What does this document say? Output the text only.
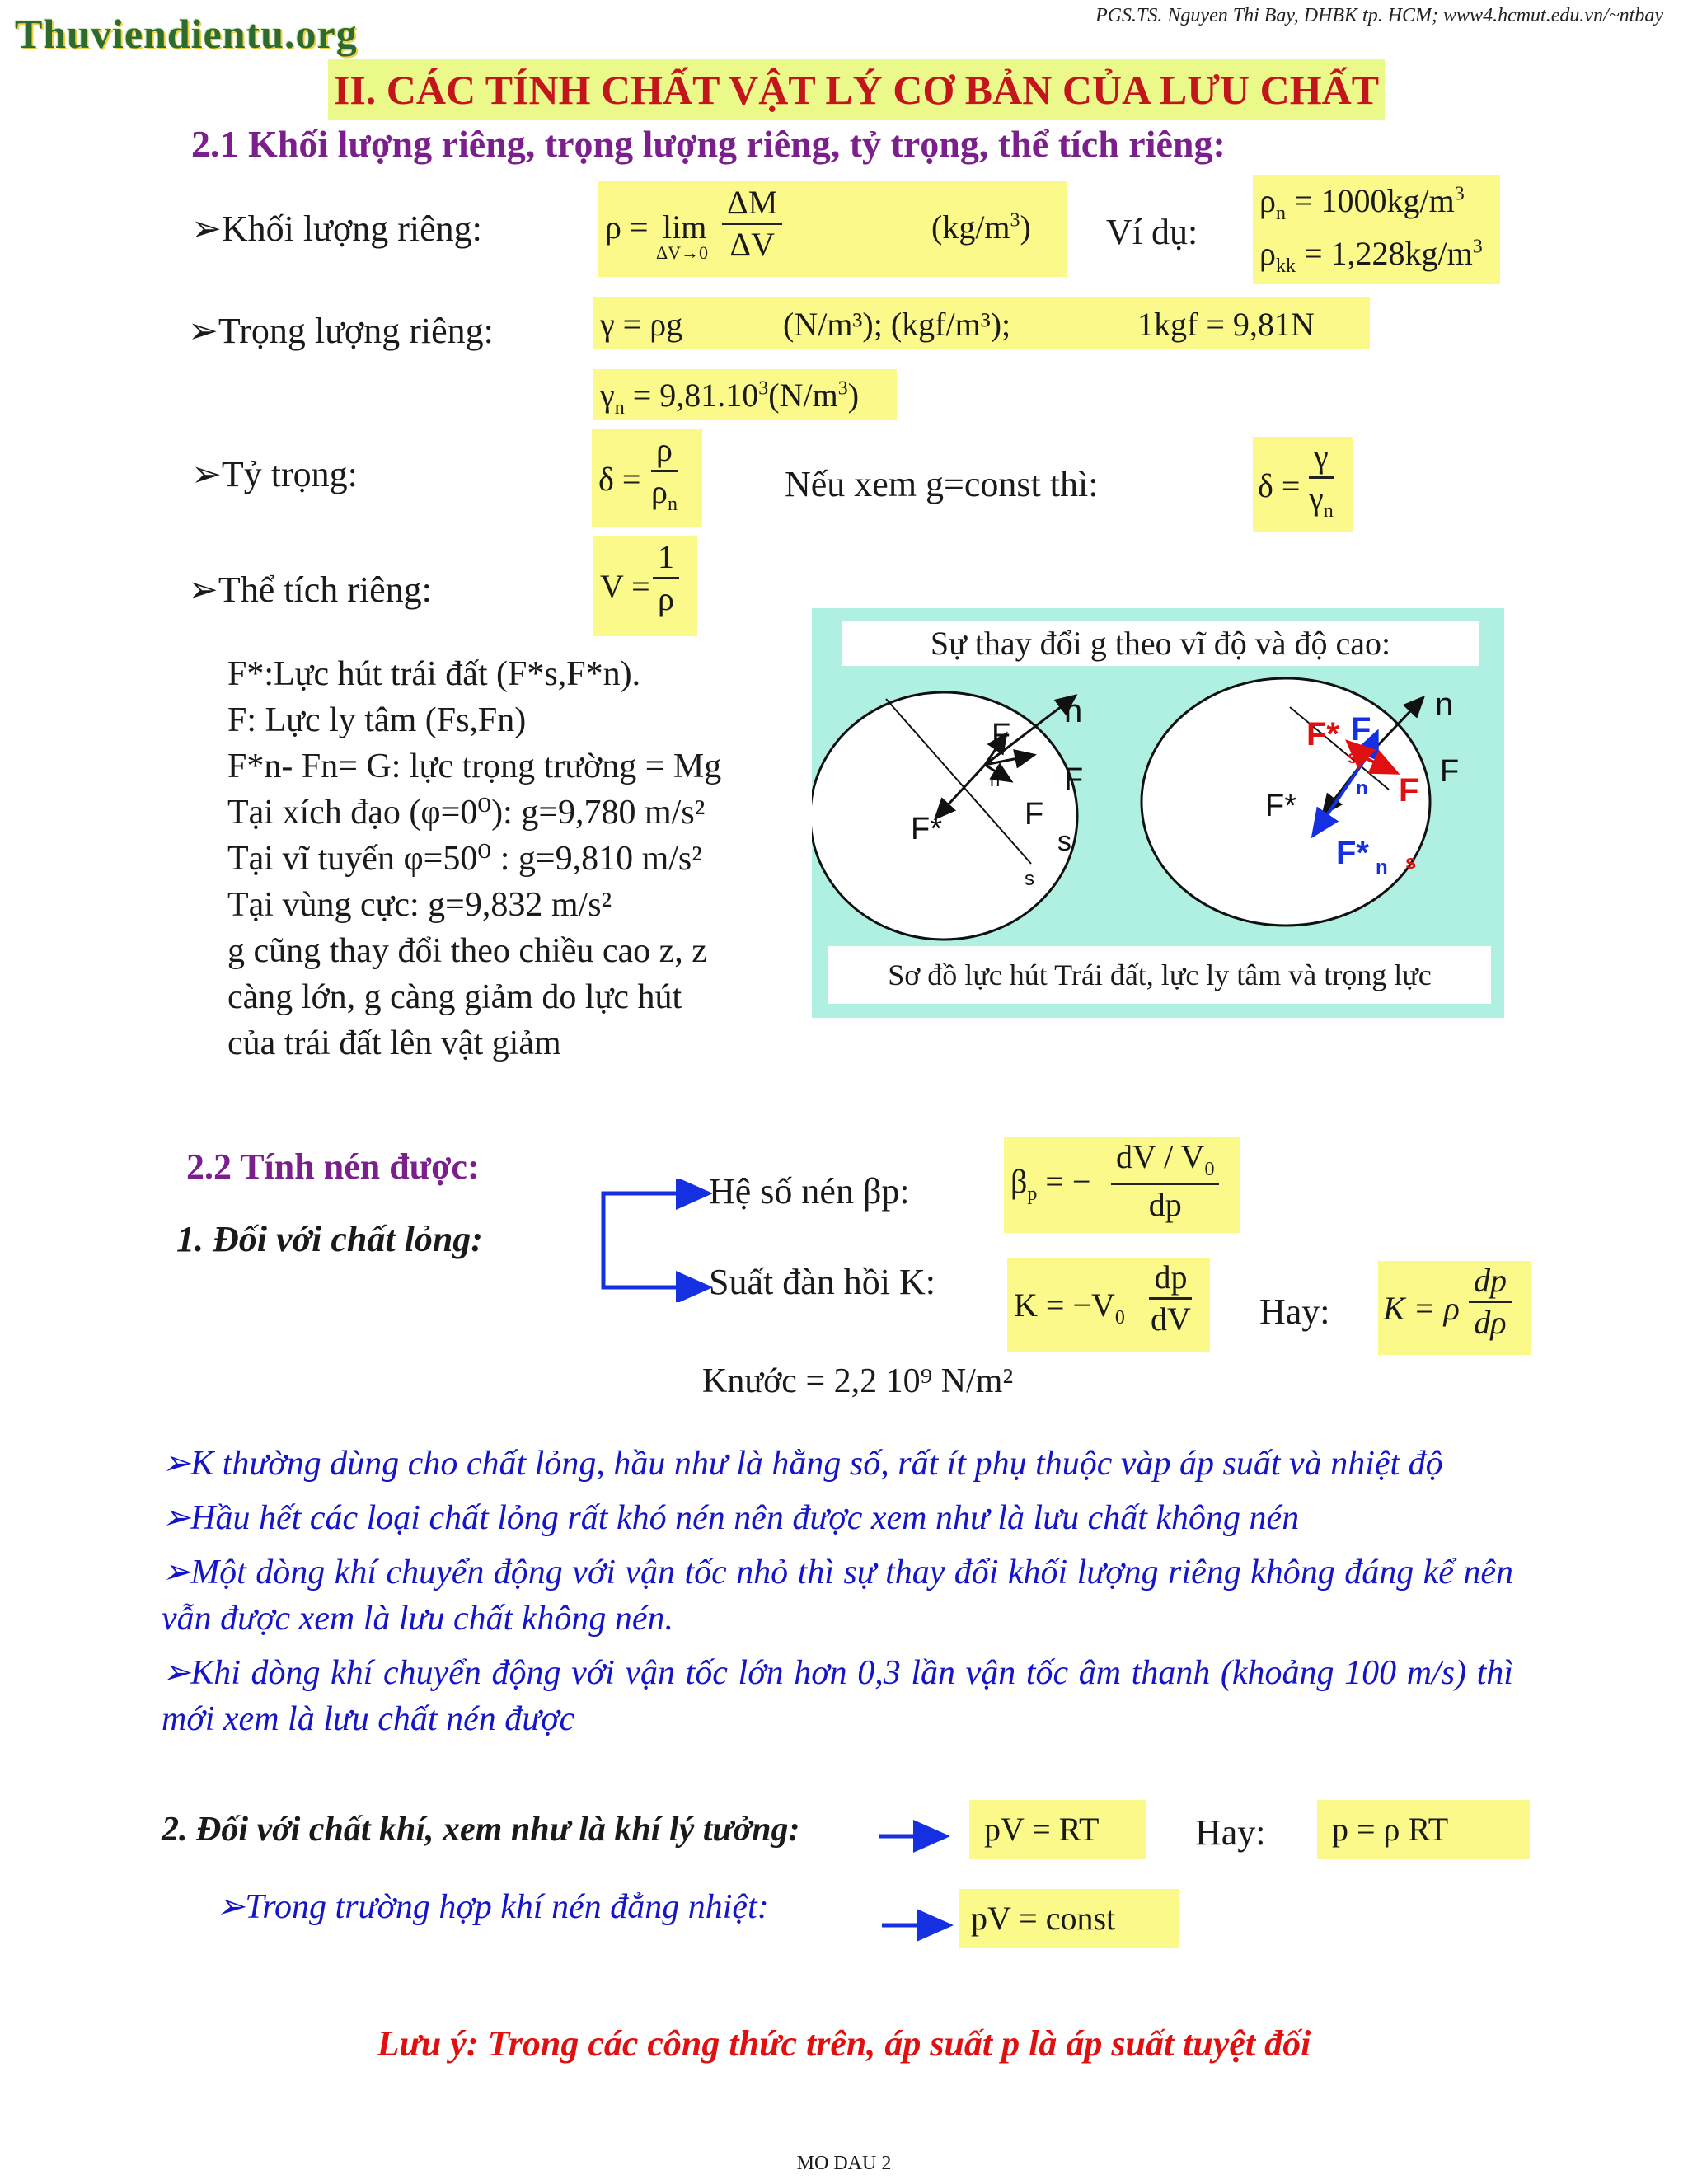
Thuviendientu.org	PGS.TS. Nguyen Thi Bay, DHBK tp. HCM; www4.hcmut.edu.vn/~ntbay
II. CÁC TÍNH CHẤT VẬT LÝ CƠ BẢN CỦA LƯU CHẤT
2.1 Khối lượng riêng, trọng lượng riêng, tỷ trọng, thể tích riêng:
➢Khối lượng riêng:	ρ = lim
$\Delta V\to 0 \frac{\Delta M}{\Delta V}$	$(kg/m^3)$ Ví dụ:
$\rho_n = 1000kg/m^3$
$\rho_{kk} = 1,228kg/m^3$
➢Trọng lượng riêng:	γ = ρg	(N/m³); (kgf/m³);	1kgf = 9,81N
$\gamma_n = 9,81.10^3(N/m^3)$
➢Tỷ trọng:	$\delta = \frac{\rho}{\rho_n}$	Nếu xem g=const thì:	$\delta = \frac{\gamma}{\gamma_n}$
➢Thể tích riêng:	$V = \frac{1}{\rho}$
F*:Lực hút trái đất (F*s,F*n).
F: Lực ly tâm (Fs,Fn)
F*n- Fn= G: lực trọng trường = Mg
Tại xích đạo (φ=0⁰): g=9,780 m/s²
Tại vĩ tuyến φ=50⁰ : g=9,810 m/s²
Tại vùng cực: g=9,832 m/s²
g cũng thay đổi theo chiều cao z, z
càng lớn, g càng giảm do lực hút
của trái đất lên vật giảm
Sự thay đổi g theo vĩ độ và độ cao:
n
F
F
F*
n
F
s
s
n
F* F
s	F
F
n
F*
F* n s
Sơ đồ lực hút Trái đất, lực ly tâm và trọng lực
2.2 Tính nén được:
1. Đối với chất lỏng:
Hệ số nén βp:	$\beta_p$ = − $\frac{dV / V_0}{dp}$
Suất đàn hồi K:
$K = -V_0 \frac{dp}{dV}$ Hay: K = ρ $\frac{dp}{d\rho}$
Knước = 2,2 10⁹ N/m²
➢K thường dùng cho chất lỏng, hầu như là hằng số, rất ít phụ thuộc vàp áp suất và nhiệt độ
➢Hầu hết các loại chất lỏng rất khó nén nên được xem như là lưu chất không nén
➢Một dòng khí chuyển động với vận tốc nhỏ thì sự thay đổi khối lượng riêng không đáng kể nên vẫn được xem là lưu chất không nén.
➢Khi dòng khí chuyển động với vận tốc lớn hơn 0,3 lần vận tốc âm thanh (khoảng 100 m/s) thì mới xem là lưu chất nén được
2. Đối với chất khí, xem như là khí lý tưởng:	pV = RT	Hay:	p = ρ RT
➢Trong trường hợp khí nén đẳng nhiệt:	pV = const
Lưu ý: Trong các công thức trên, áp suất p là áp suất tuyệt đối
MO DAU 2
